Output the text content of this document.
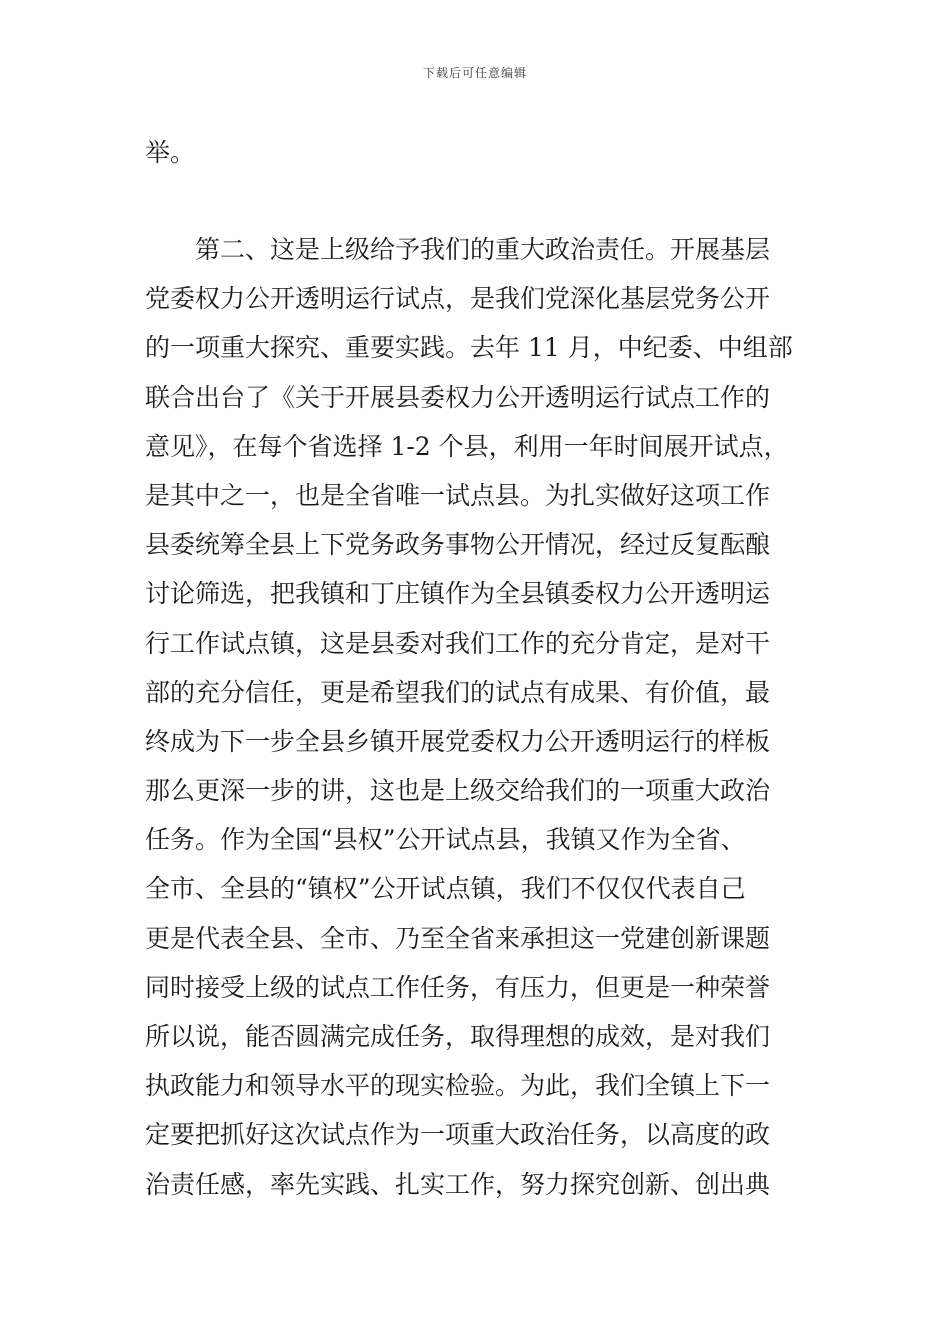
下载后可任意编辑
举。
　　第二、这是上级给予我们的重大政治责任。开展基层
党委权力公开透明运行试点，是我们党深化基层党务公开
的一项重大探究、重要实践。去年 11 月，中纪委、中组部
联合出台了《关于开展县委权力公开透明运行试点工作的
意见》，在每个省选择 1-2 个县，利用一年时间展开试点，
是其中之一，也是全省唯一试点县。为扎实做好这项工作
县委统筹全县上下党务政务事物公开情况，经过反复酝酿
讨论筛选，把我镇和丁庄镇作为全县镇委权力公开透明运
行工作试点镇，这是县委对我们工作的充分肯定，是对干
部的充分信任，更是希望我们的试点有成果、有价值，最
终成为下一步全县乡镇开展党委权力公开透明运行的样板
那么更深一步的讲，这也是上级交给我们的一项重大政治
任务。作为全国“县权”公开试点县，我镇又作为全省、
全市、全县的“镇权”公开试点镇，我们不仅仅代表自己
更是代表全县、全市、乃至全省来承担这一党建创新课题
同时接受上级的试点工作任务，有压力，但更是一种荣誉
所以说，能否圆满完成任务，取得理想的成效，是对我们
执政能力和领导水平的现实检验。为此，我们全镇上下一
定要把抓好这次试点作为一项重大政治任务，以高度的政
治责任感，率先实践、扎实工作，努力探究创新、创出典
